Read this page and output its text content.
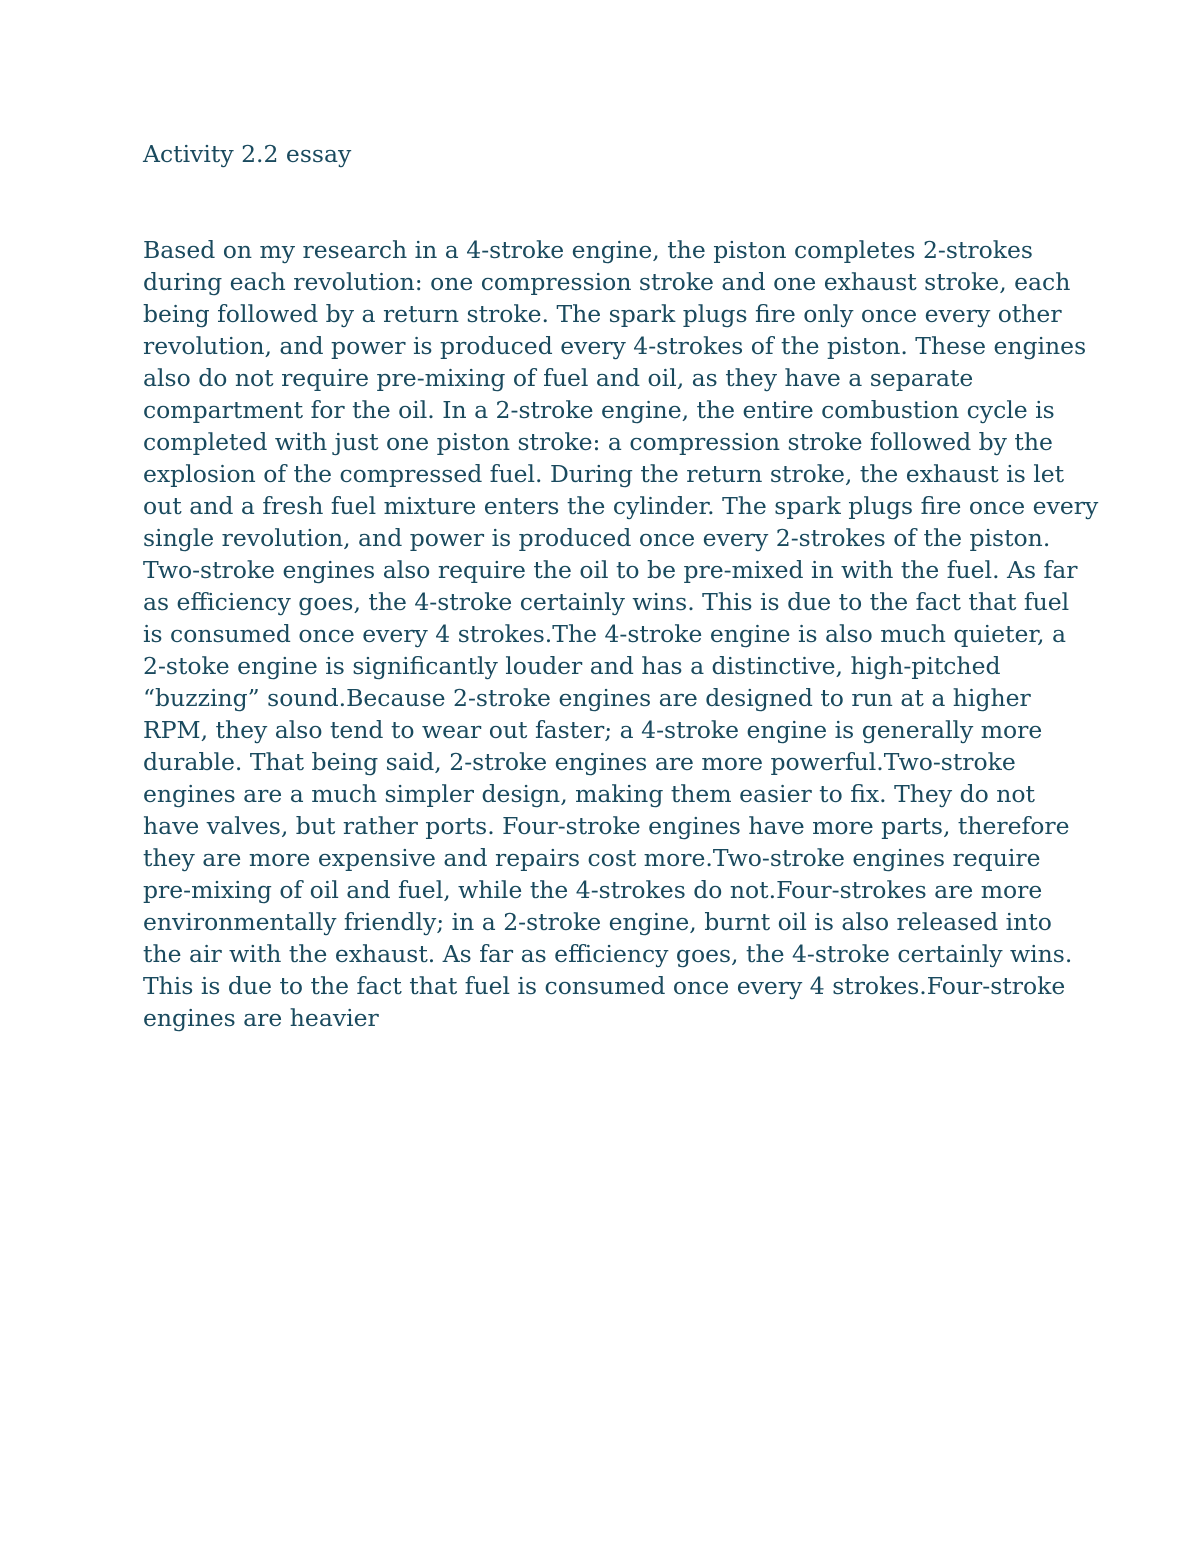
Activity 2.2 essay
Based on my research in a 4-stroke engine, the piston completes 2-strokes
during each revolution: one compression stroke and one exhaust stroke, each
being followed by a return stroke. The spark plugs fire only once every other
revolution, and power is produced every 4-strokes of the piston. These engines
also do not require pre-mixing of fuel and oil, as they have a separate
compartment for the oil. In a 2-stroke engine, the entire combustion cycle is
completed with just one piston stroke: a compression stroke followed by the
explosion of the compressed fuel. During the return stroke, the exhaust is let
out and a fresh fuel mixture enters the cylinder. The spark plugs fire once every
single revolution, and power is produced once every 2-strokes of the piston.
Two-stroke engines also require the oil to be pre-mixed in with the fuel. As far
as efficiency goes, the 4-stroke certainly wins. This is due to the fact that fuel
is consumed once every 4 strokes.The 4-stroke engine is also much quieter, a
2-stoke engine is significantly louder and has a distinctive, high-pitched
“buzzing” sound.Because 2-stroke engines are designed to run at a higher
RPM, they also tend to wear out faster; a 4-stroke engine is generally more
durable. That being said, 2-stroke engines are more powerful.Two-stroke
engines are a much simpler design, making them easier to fix. They do not
have valves, but rather ports. Four-stroke engines have more parts, therefore
they are more expensive and repairs cost more.Two-stroke engines require
pre-mixing of oil and fuel, while the 4-strokes do not.Four-strokes are more
environmentally friendly; in a 2-stroke engine, burnt oil is also released into
the air with the exhaust. As far as efficiency goes, the 4-stroke certainly wins.
This is due to the fact that fuel is consumed once every 4 strokes.Four-stroke
engines are heavier
